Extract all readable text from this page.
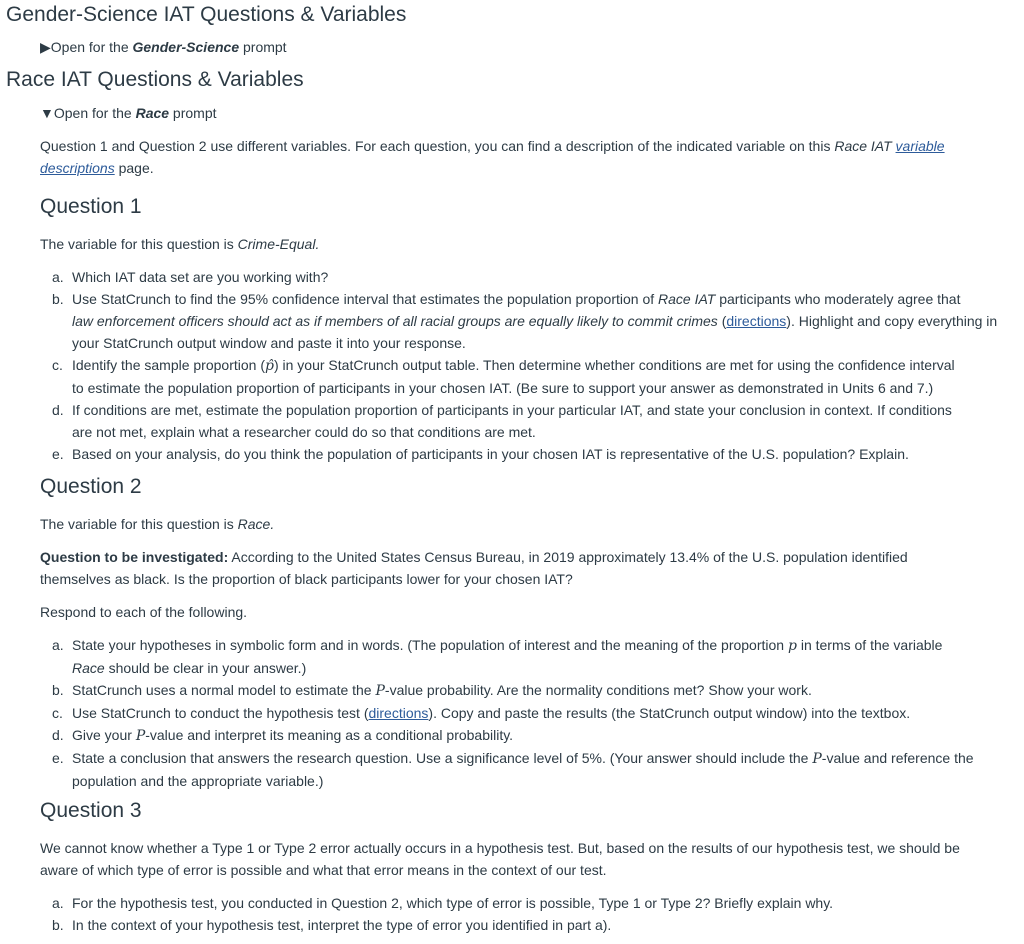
Gender-Science IAT Questions & Variables
▶Open for the Gender-Science prompt
Race IAT Questions & Variables
▼Open for the Race prompt

Question 1 and Question 2 use different variables. For each question, you can find a description of the indicated variable on this Race IAT variable
descriptions page.

Question 1

The variable for this question is Crime-Equal.

a. Which IAT data set are you working with?
b. Use StatCrunch to find the 95% confidence interval that estimates the population proportion of Race IAT participants who moderately agree that
law enforcement officers should act as if members of all racial groups are equally likely to commit crimes (directions). Highlight and copy everything in
your StatCrunch output window and paste it into your response.
c. Identify the sample proportion (p̂) in your StatCrunch output table. Then determine whether conditions are met for using the confidence interval
to estimate the population proportion of participants in your chosen IAT. (Be sure to support your answer as demonstrated in Units 6 and 7.)
d. If conditions are met, estimate the population proportion of participants in your particular IAT, and state your conclusion in context. If conditions
are not met, explain what a researcher could do so that conditions are met.
e. Based on your analysis, do you think the population of participants in your chosen IAT is representative of the U.S. population? Explain.
Question 2

The variable for this question is Race.

Question to be investigated: According to the United States Census Bureau, in 2019 approximately 13.4% of the U.S. population identified
themselves as black. Is the proportion of black participants lower for your chosen IAT?

Respond to each of the following.

a. State your hypotheses in symbolic form and in words. (The population of interest and the meaning of the proportion p in terms of the variable
Race should be clear in your answer.)
b. StatCrunch uses a normal model to estimate the P-value probability. Are the normality conditions met? Show your work.
c. Use StatCrunch to conduct the hypothesis test (directions). Copy and paste the results (the StatCrunch output window) into the textbox.
d. Give your P-value and interpret its meaning as a conditional probability.
e. State a conclusion that answers the research question. Use a significance level of 5%. (Your answer should include the P-value and reference the
population and the appropriate variable.)
Question 3

We cannot know whether a Type 1 or Type 2 error actually occurs in a hypothesis test. But, based on the results of our hypothesis test, we should be
aware of which type of error is possible and what that error means in the context of our test.

a. For the hypothesis test, you conducted in Question 2, which type of error is possible, Type 1 or Type 2? Briefly explain why.
b. In the context of your hypothesis test, interpret the type of error you identified in part a).
